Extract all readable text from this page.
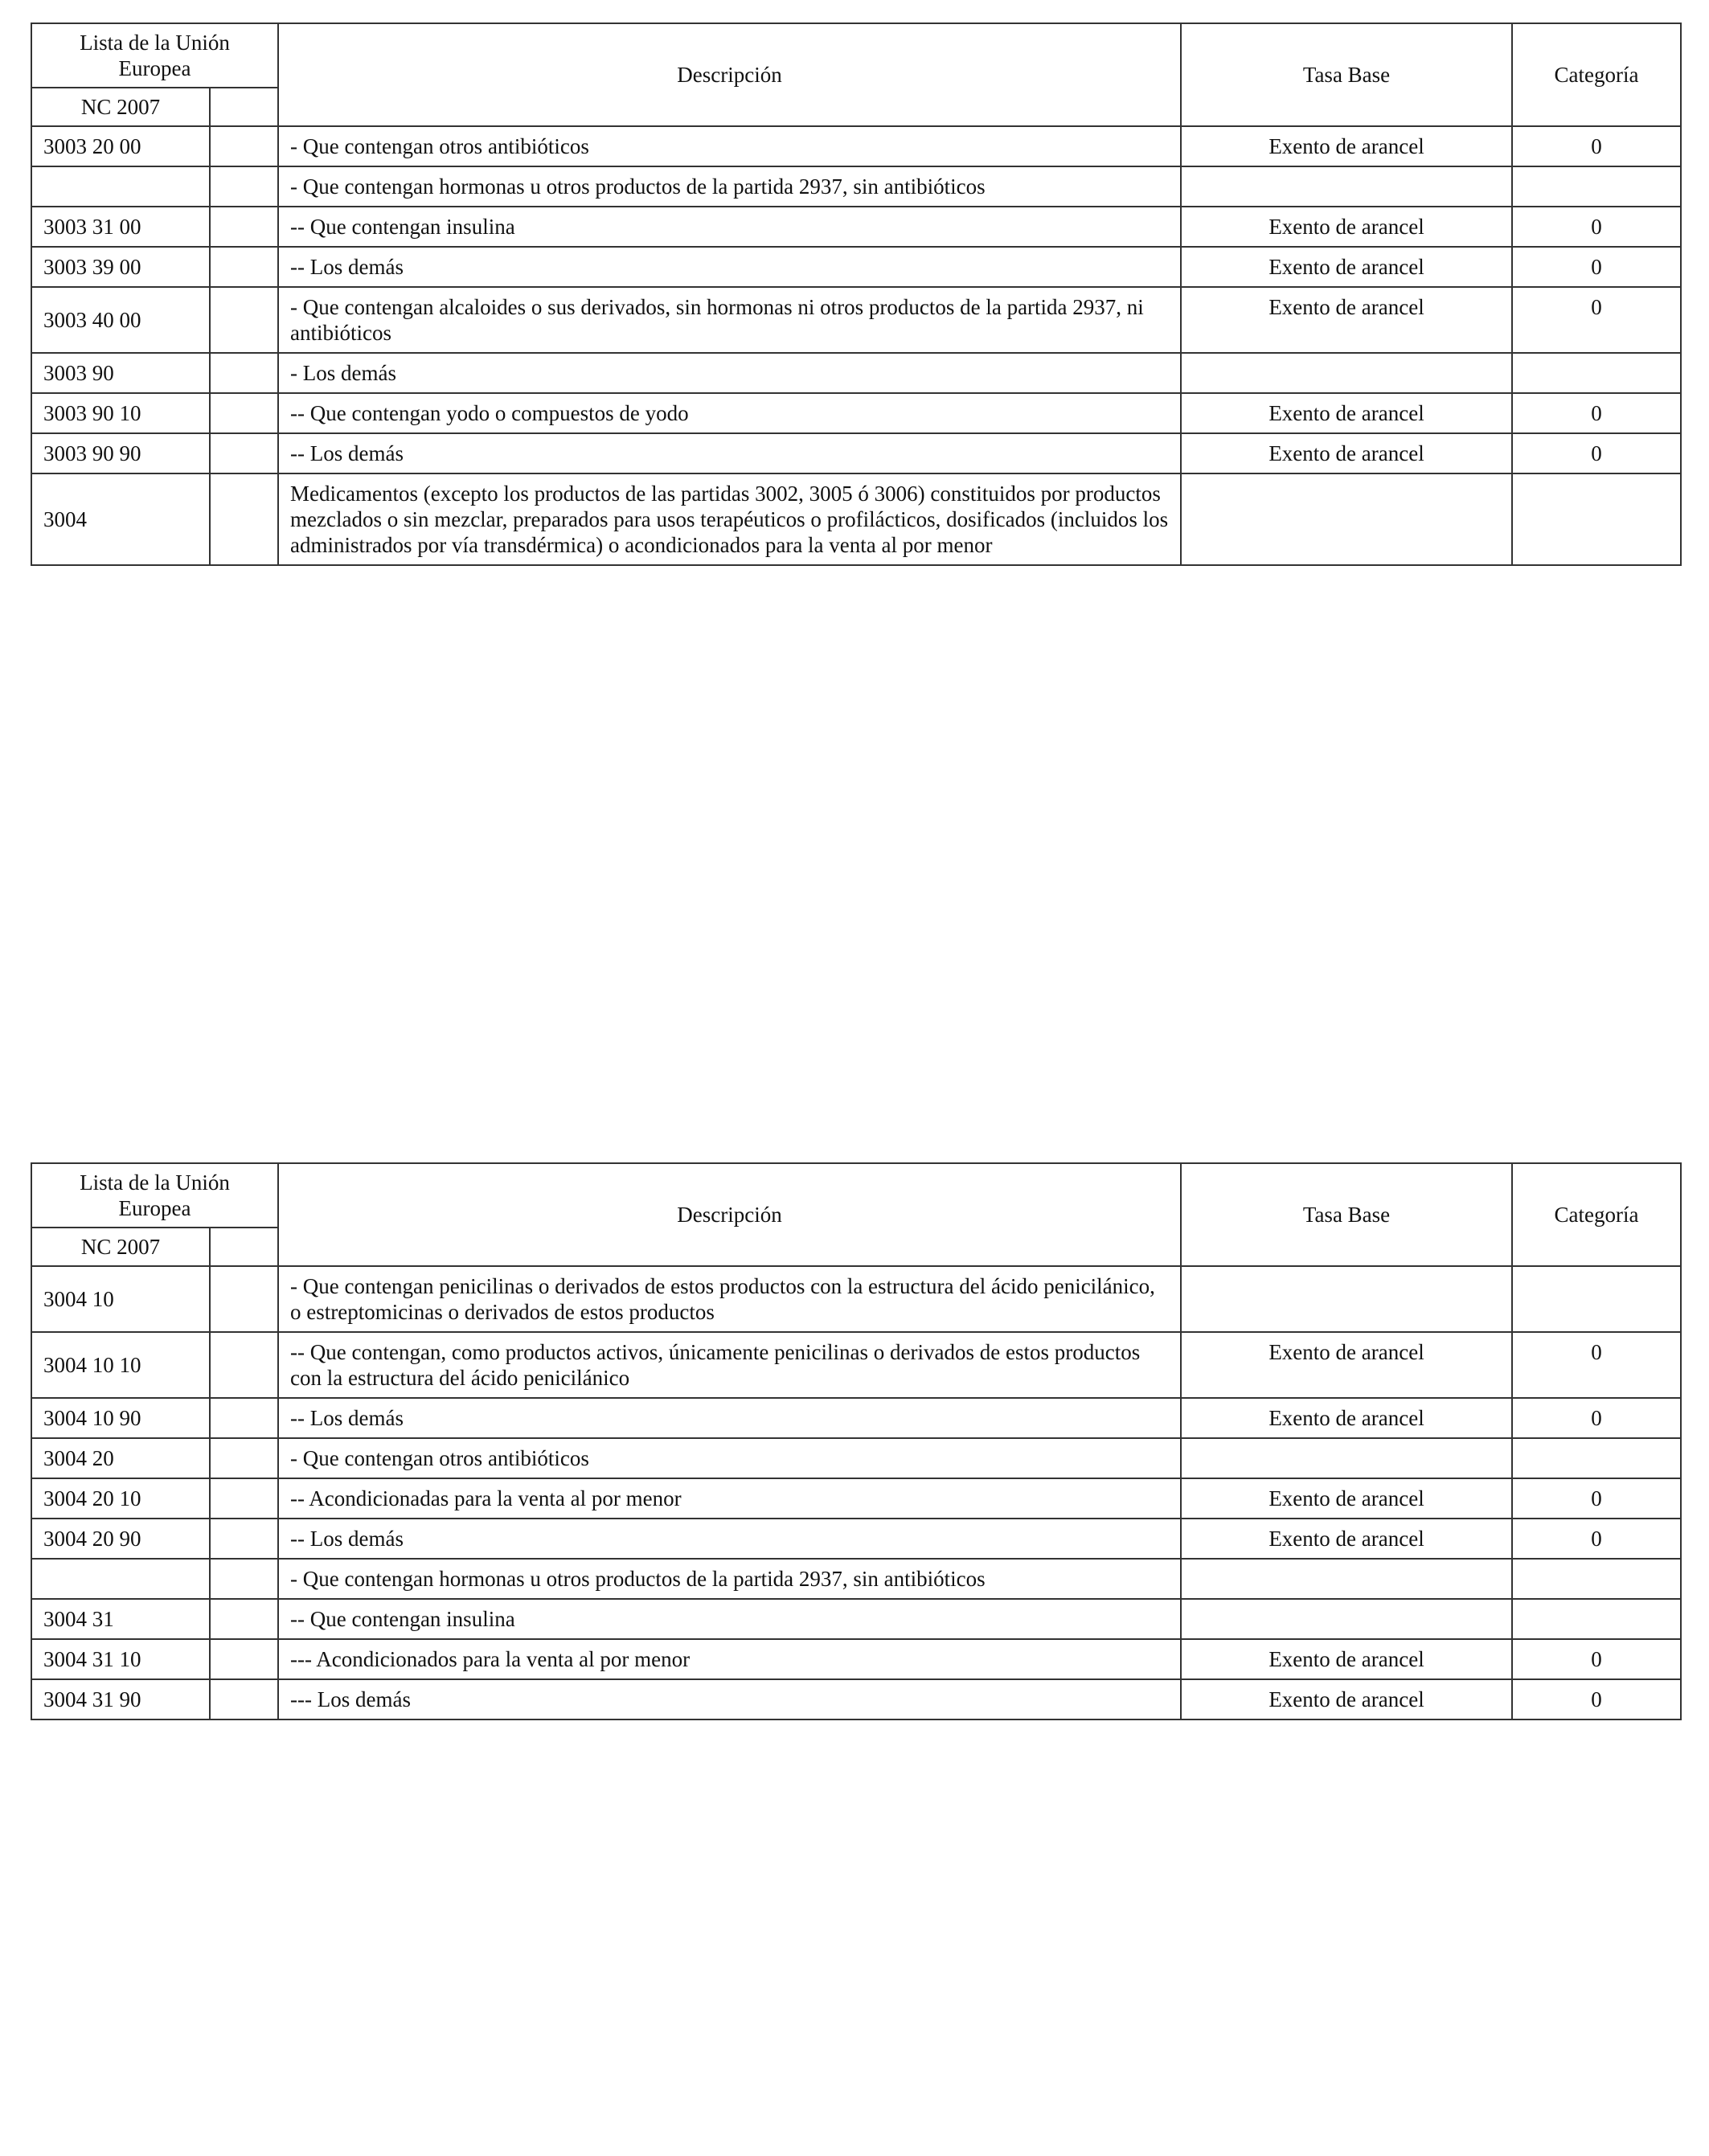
Lista de la Unión Europea		Descripción	Tasa Base	Categoría
NC 2007				
3003 20 00		- Que contengan otros antibióticos	Exento de arancel	0
		- Que contengan hormonas u otros productos de la partida 2937, sin antibióticos		
3003 31 00		-- Que contengan insulina	Exento de arancel	0
3003 39 00		-- Los demás	Exento de arancel	0
3003 40 00		- Que contengan alcaloides o sus derivados, sin hormonas ni otros productos de la partida 2937, ni antibióticos	Exento de arancel	0
3003 90		- Los demás		
3003 90 10		-- Que contengan yodo o compuestos de yodo	Exento de arancel	0
3003 90 90		-- Los demás	Exento de arancel	0
3004		Medicamentos (excepto los productos de las partidas 3002, 3005 ó 3006) constituidos por productos mezclados o sin mezclar, preparados para usos terapéuticos o profilácticos, dosificados (incluidos los administrados por vía transdérmica) o acondicionados para la venta al por menor		
Lista de la Unión Europea		Descripción	Tasa Base	Categoría
NC 2007				
3004 10		- Que contengan penicilinas o derivados de estos productos con la estructura del ácido penicilánico, o estreptomicinas o derivados de estos productos		
3004 10 10		-- Que contengan, como productos activos, únicamente penicilinas o derivados de estos productos con la estructura del ácido penicilánico	Exento de arancel	0
3004 10 90		-- Los demás	Exento de arancel	0
3004 20		- Que contengan otros antibióticos		
3004 20 10		-- Acondicionadas para la venta al por menor	Exento de arancel	0
3004 20 90		-- Los demás	Exento de arancel	0
		- Que contengan hormonas u otros productos de la partida 2937, sin antibióticos		
3004 31		-- Que contengan insulina		
3004 31 10		--- Acondicionados para la venta al por menor	Exento de arancel	0
3004 31 90		--- Los demás	Exento de arancel	0
